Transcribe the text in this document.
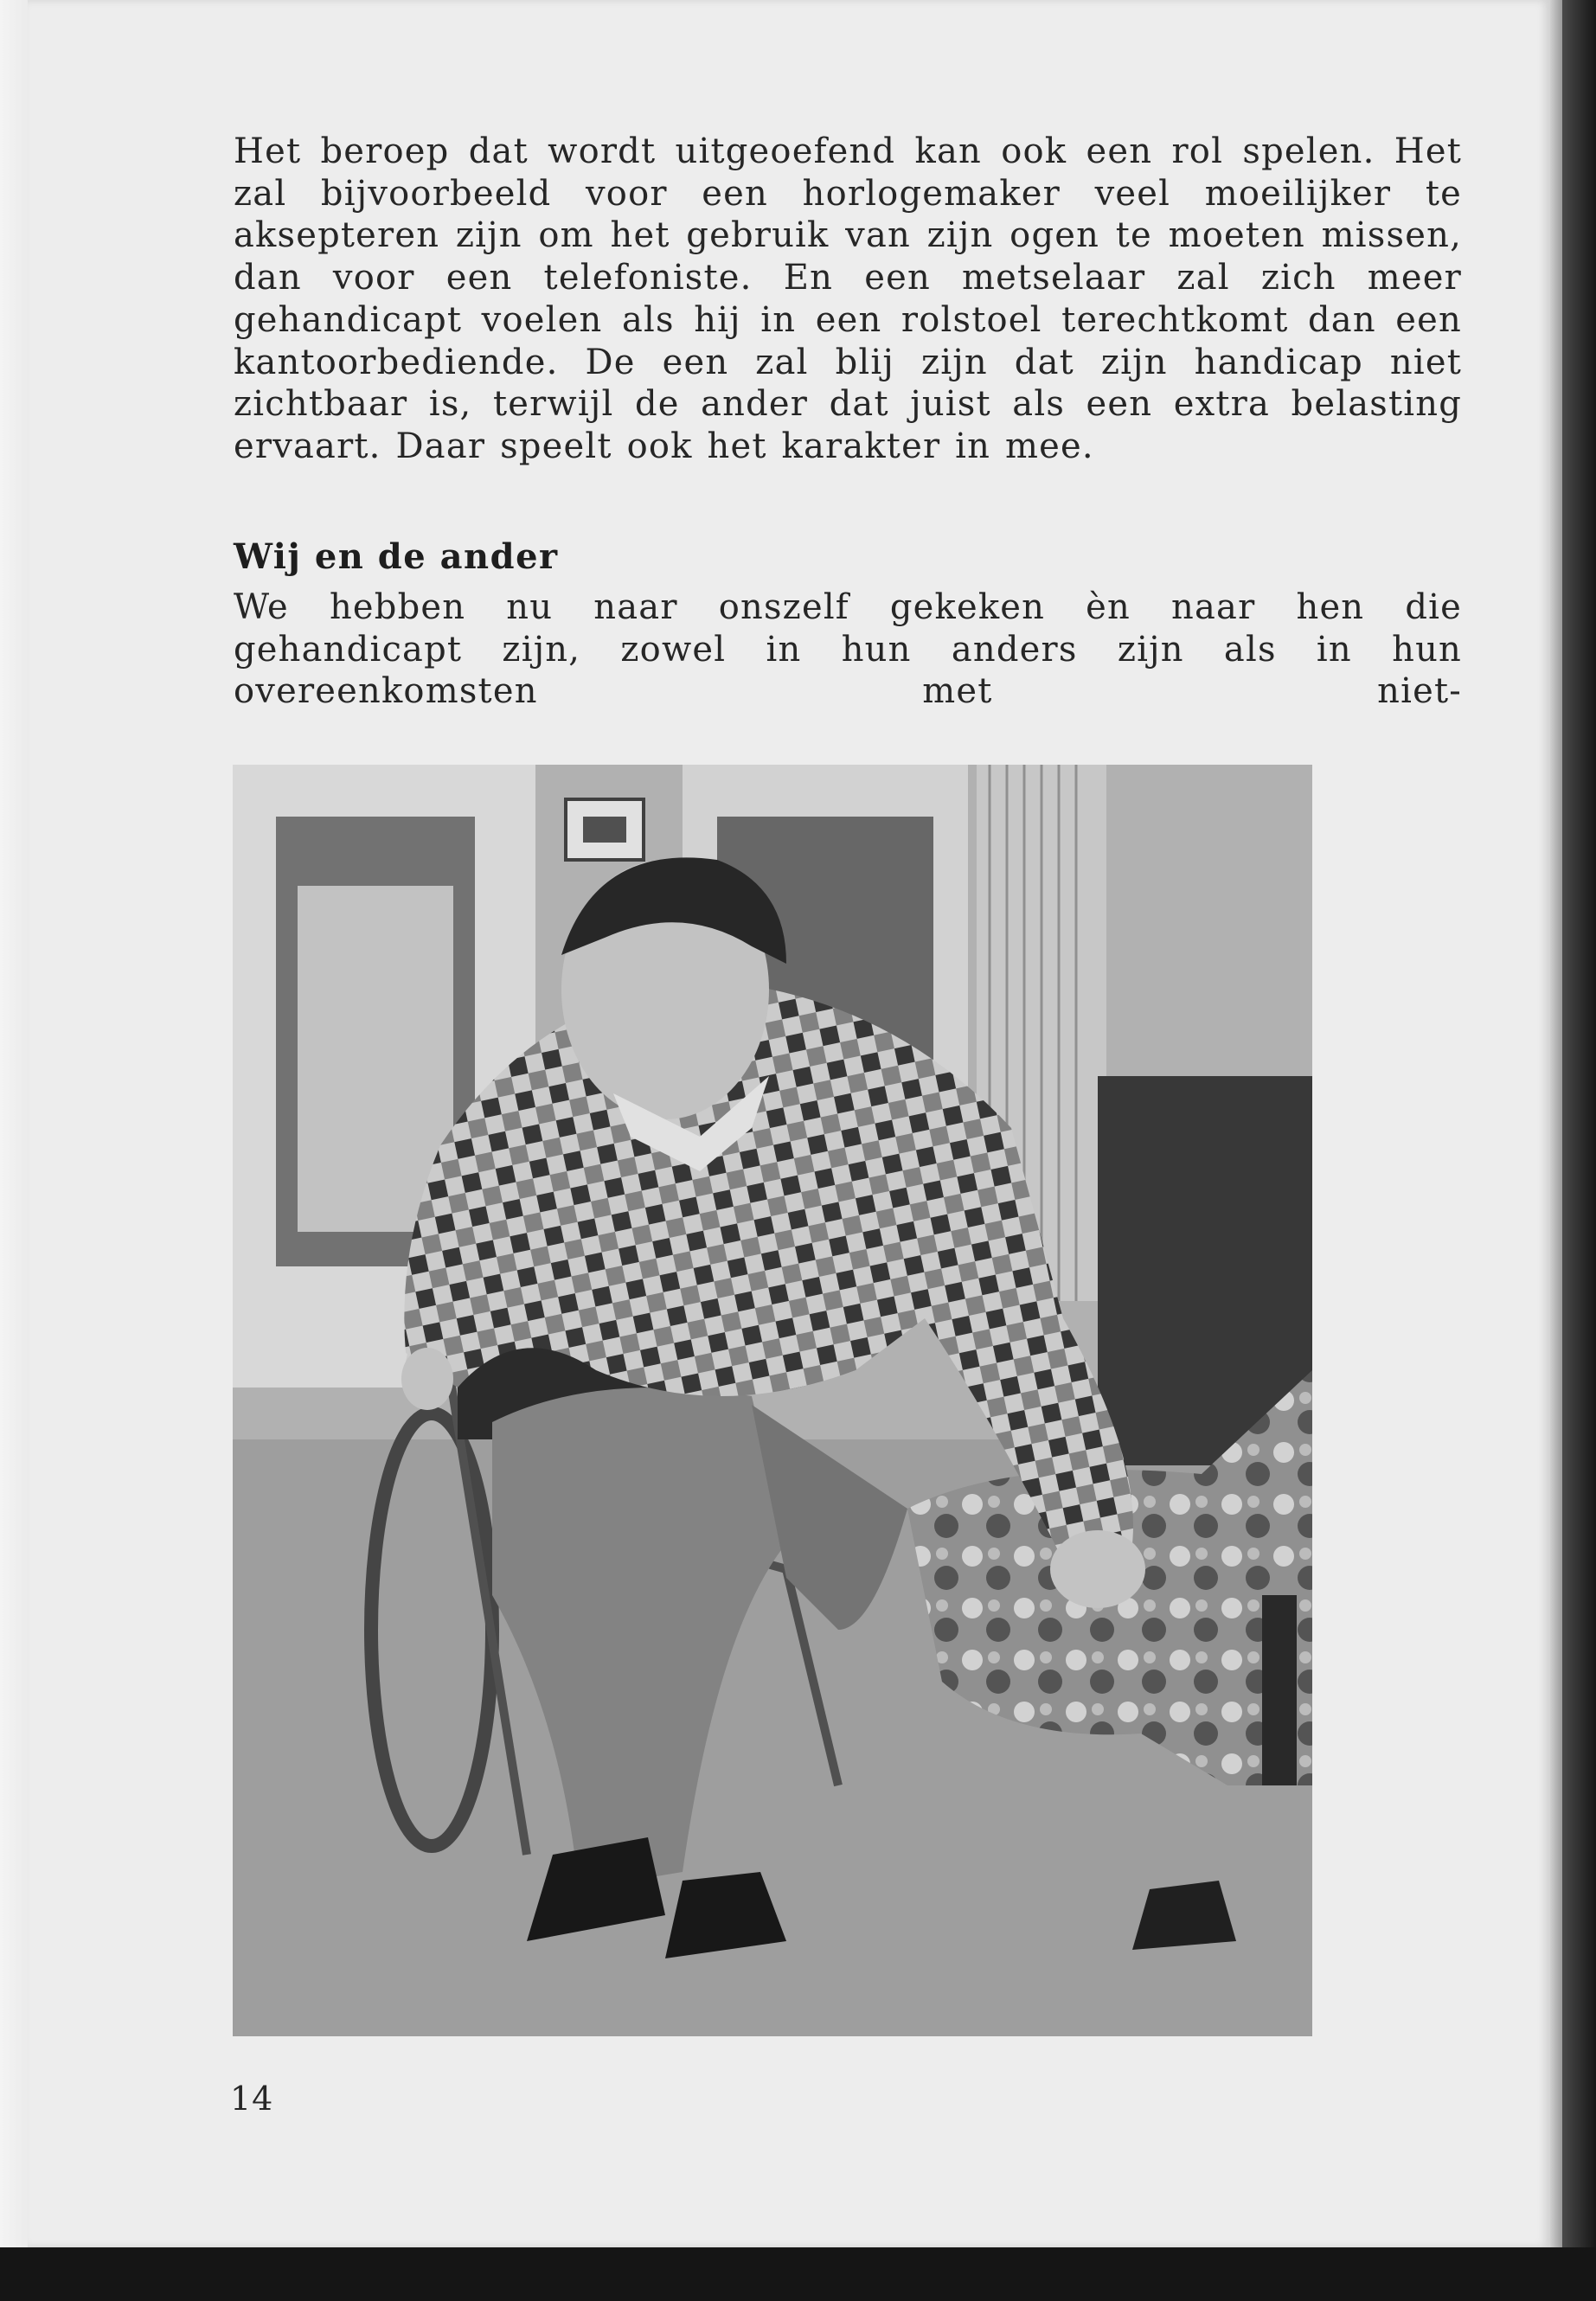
Het beroep dat wordt uitgeoefend kan ook een rol spelen. Het zal bijvoorbeeld voor een horlogemaker veel moeilijker te aksepteren zijn om het gebruik van zijn ogen te moeten missen, dan voor een telefoniste. En een metselaar zal zich meer gehandicapt voelen als hij in een rolstoel terechtkomt dan een kantoorbediende. De een zal blij zijn dat zijn handicap niet zichtbaar is, terwijl de ander dat juist als een extra belasting ervaart. Daar speelt ook het karakter in mee.

Wij en de ander

We hebben nu naar onszelf gekeken èn naar hen die gehandicapt zijn, zowel in hun anders zijn als in hun overeenkomsten met niet-

14
